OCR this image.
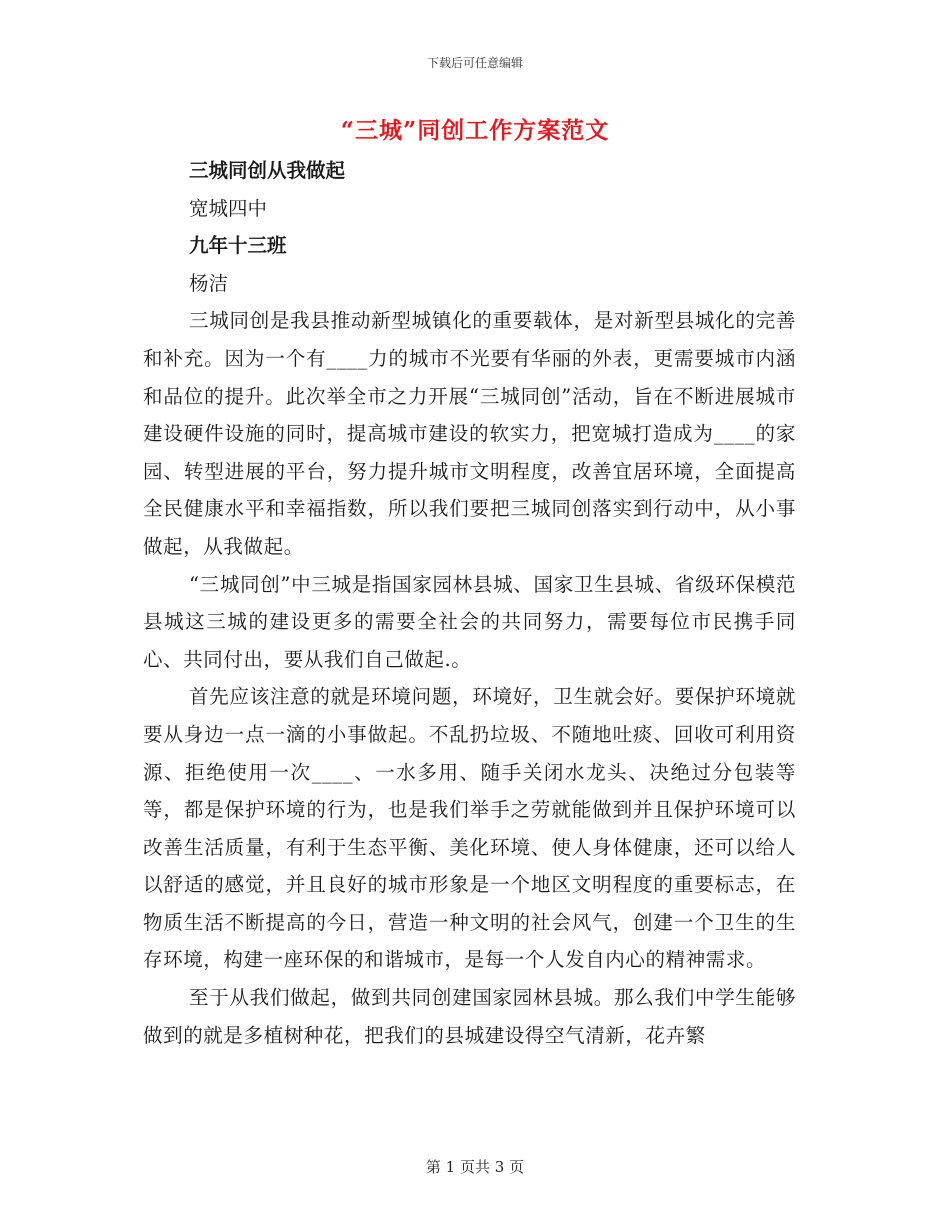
下载后可任意编辑
“三城”同创工作方案范文

三城同创从我做起

宽城四中

九年十三班

杨洁

三城同创是我县推动新型城镇化的重要载体，是对新型县城化的完善和补充。因为一个有____力的城市不光要有华丽的外表，更需要城市内涵和品位的提升。此次举全市之力开展“三城同创”活动，旨在不断进展城市建设硬件设施的同时，提高城市建设的软实力，把宽城打造成为____的家园、转型进展的平台，努力提升城市文明程度，改善宜居环境，全面提高全民健康水平和幸福指数，所以我们要把三城同创落实到行动中，从小事做起，从我做起。

“三城同创”中三城是指国家园林县城、国家卫生县城、省级环保模范县城这三城的建设更多的需要全社会的共同努力，需要每位市民携手同心、共同付出，要从我们自己做起.。

首先应该注意的就是环境问题，环境好，卫生就会好。要保护环境就要从身边一点一滴的小事做起。不乱扔垃圾、不随地吐痰、回收可利用资源、拒绝使用一次____、一水多用、随手关闭水龙头、决绝过分包装等等，都是保护环境的行为，也是我们举手之劳就能做到并且保护环境可以改善生活质量，有利于生态平衡、美化环境、使人身体健康，还可以给人以舒适的感觉，并且良好的城市形象是一个地区文明程度的重要标志，在物质生活不断提高的今日，营造一种文明的社会风气，创建一个卫生的生存环境，构建一座环保的和谐城市，是每一个人发自内心的精神需求。

至于从我们做起，做到共同创建国家园林县城。那么我们中学生能够做到的就是多植树种花，把我们的县城建设得空气清新，花卉繁

第 1 页共 3 页
